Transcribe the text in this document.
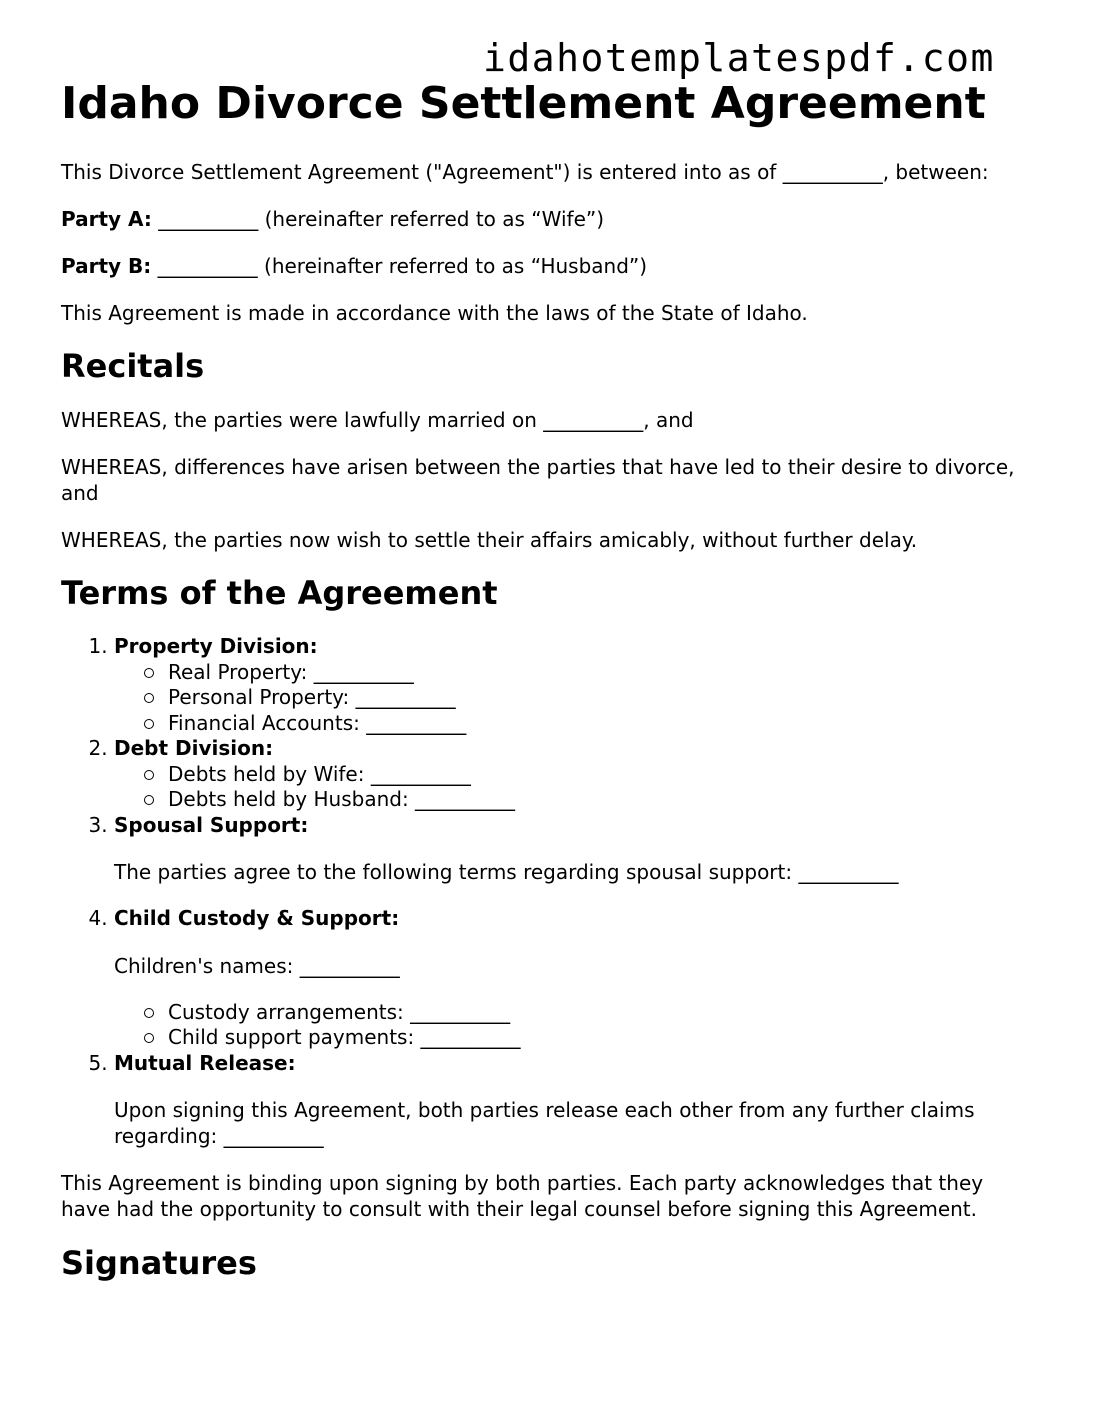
idahotemplatespdf.com
Idaho Divorce Settlement Agreement

This Divorce Settlement Agreement ("Agreement") is entered into as of __________, between:

Party A: __________ (hereinafter referred to as “Wife”)

Party B: __________ (hereinafter referred to as “Husband”)

This Agreement is made in accordance with the laws of the State of Idaho.

Recitals

WHEREAS, the parties were lawfully married on __________, and

WHEREAS, differences have arisen between the parties that have led to their desire to divorce, and

WHEREAS, the parties now wish to settle their affairs amicably, without further delay.

Terms of the Agreement
1. Property Division:
Real Property: __________
Personal Property: __________
Financial Accounts: __________
2. Debt Division:
Debts held by Wife: __________
Debts held by Husband: __________
3. Spousal Support:

The parties agree to the following terms regarding spousal support: __________

4. Child Custody & Support:

Children's names: __________

Custody arrangements: __________
Child support payments: __________
5. Mutual Release:

Upon signing this Agreement, both parties release each other from any further claims regarding: __________

This Agreement is binding upon signing by both parties. Each party acknowledges that they have had the opportunity to consult with their legal counsel before signing this Agreement.

Signatures
